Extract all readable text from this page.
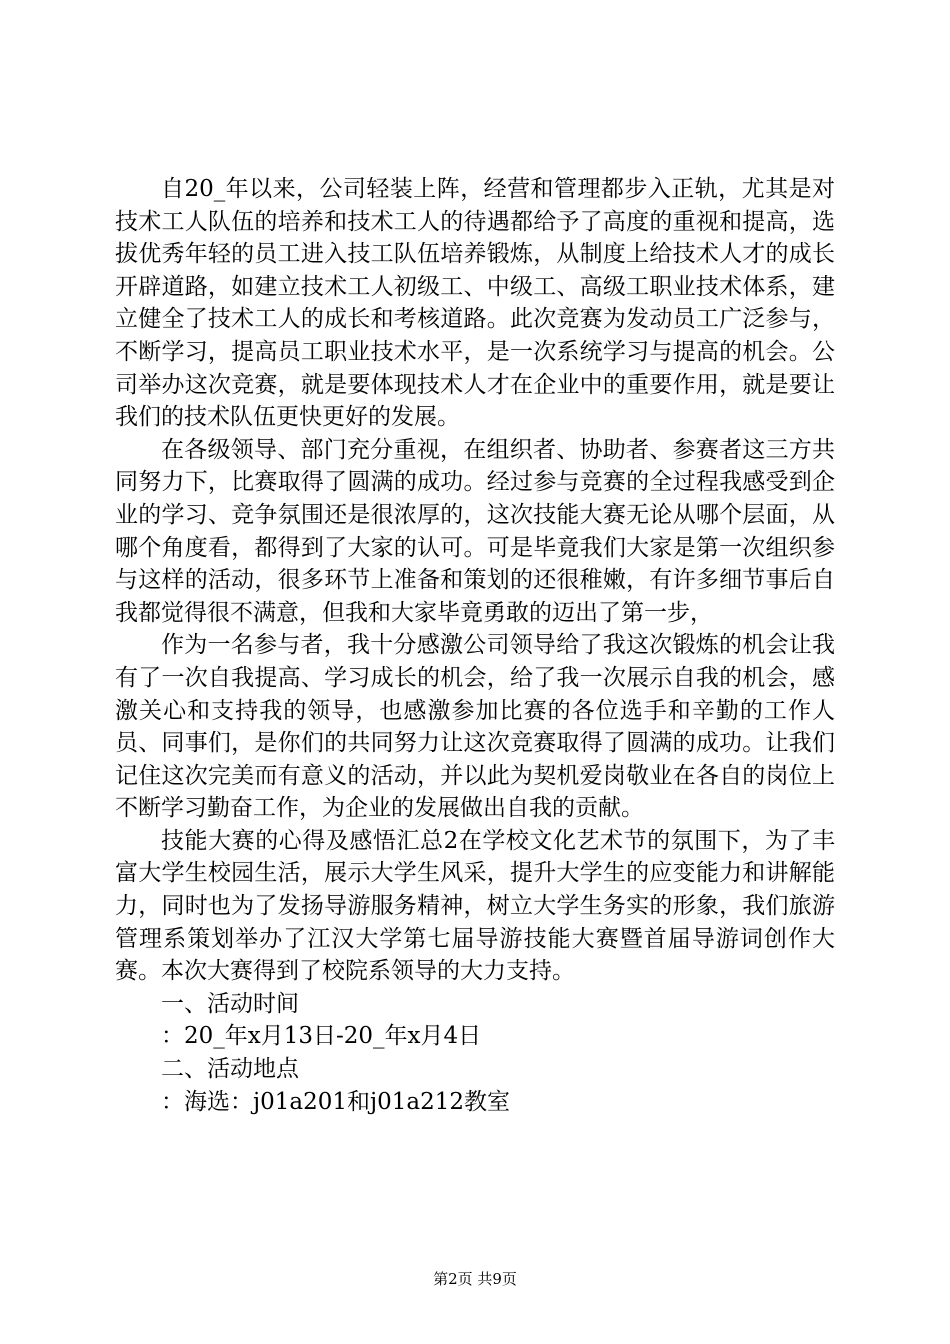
自20_年以来，公司轻装上阵，经营和管理都步入正轨，尤其是对技术工人队伍的培养和技术工人的待遇都给予了高度的重视和提高，选拔优秀年轻的员工进入技工队伍培养锻炼，从制度上给技术人才的成长开辟道路，如建立技术工人初级工、中级工、高级工职业技术体系，建立健全了技术工人的成长和考核道路。此次竞赛为发动员工广泛参与，不断学习，提高员工职业技术水平，是一次系统学习与提高的机会。公司举办这次竞赛，就是要体现技术人才在企业中的重要作用，就是要让我们的技术队伍更快更好的发展。

在各级领导、部门充分重视，在组织者、协助者、参赛者这三方共同努力下，比赛取得了圆满的成功。经过参与竞赛的全过程我感受到企业的学习、竞争氛围还是很浓厚的，这次技能大赛无论从哪个层面，从哪个角度看，都得到了大家的认可。可是毕竟我们大家是第一次组织参与这样的活动，很多环节上准备和策划的还很稚嫩，有许多细节事后自我都觉得很不满意，但我和大家毕竟勇敢的迈出了第一步，

作为一名参与者，我十分感激公司领导给了我这次锻炼的机会让我有了一次自我提高、学习成长的机会，给了我一次展示自我的机会，感激关心和支持我的领导，也感激参加比赛的各位选手和辛勤的工作人员、同事们，是你们的共同努力让这次竞赛取得了圆满的成功。让我们记住这次完美而有意义的活动，并以此为契机爱岗敬业在各自的岗位上不断学习勤奋工作，为企业的发展做出自我的贡献。

技能大赛的心得及感悟汇总2在学校文化艺术节的氛围下，为了丰富大学生校园生活，展示大学生风采，提升大学生的应变能力和讲解能力，同时也为了发扬导游服务精神，树立大学生务实的形象，我们旅游管理系策划举办了江汉大学第七届导游技能大赛暨首届导游词创作大赛。本次大赛得到了校院系领导的大力支持。

一、活动时间

：20_年x月13日-20_年x月4日

二、活动地点

：海选：j01a201和j01a212教室

第2页 共9页
